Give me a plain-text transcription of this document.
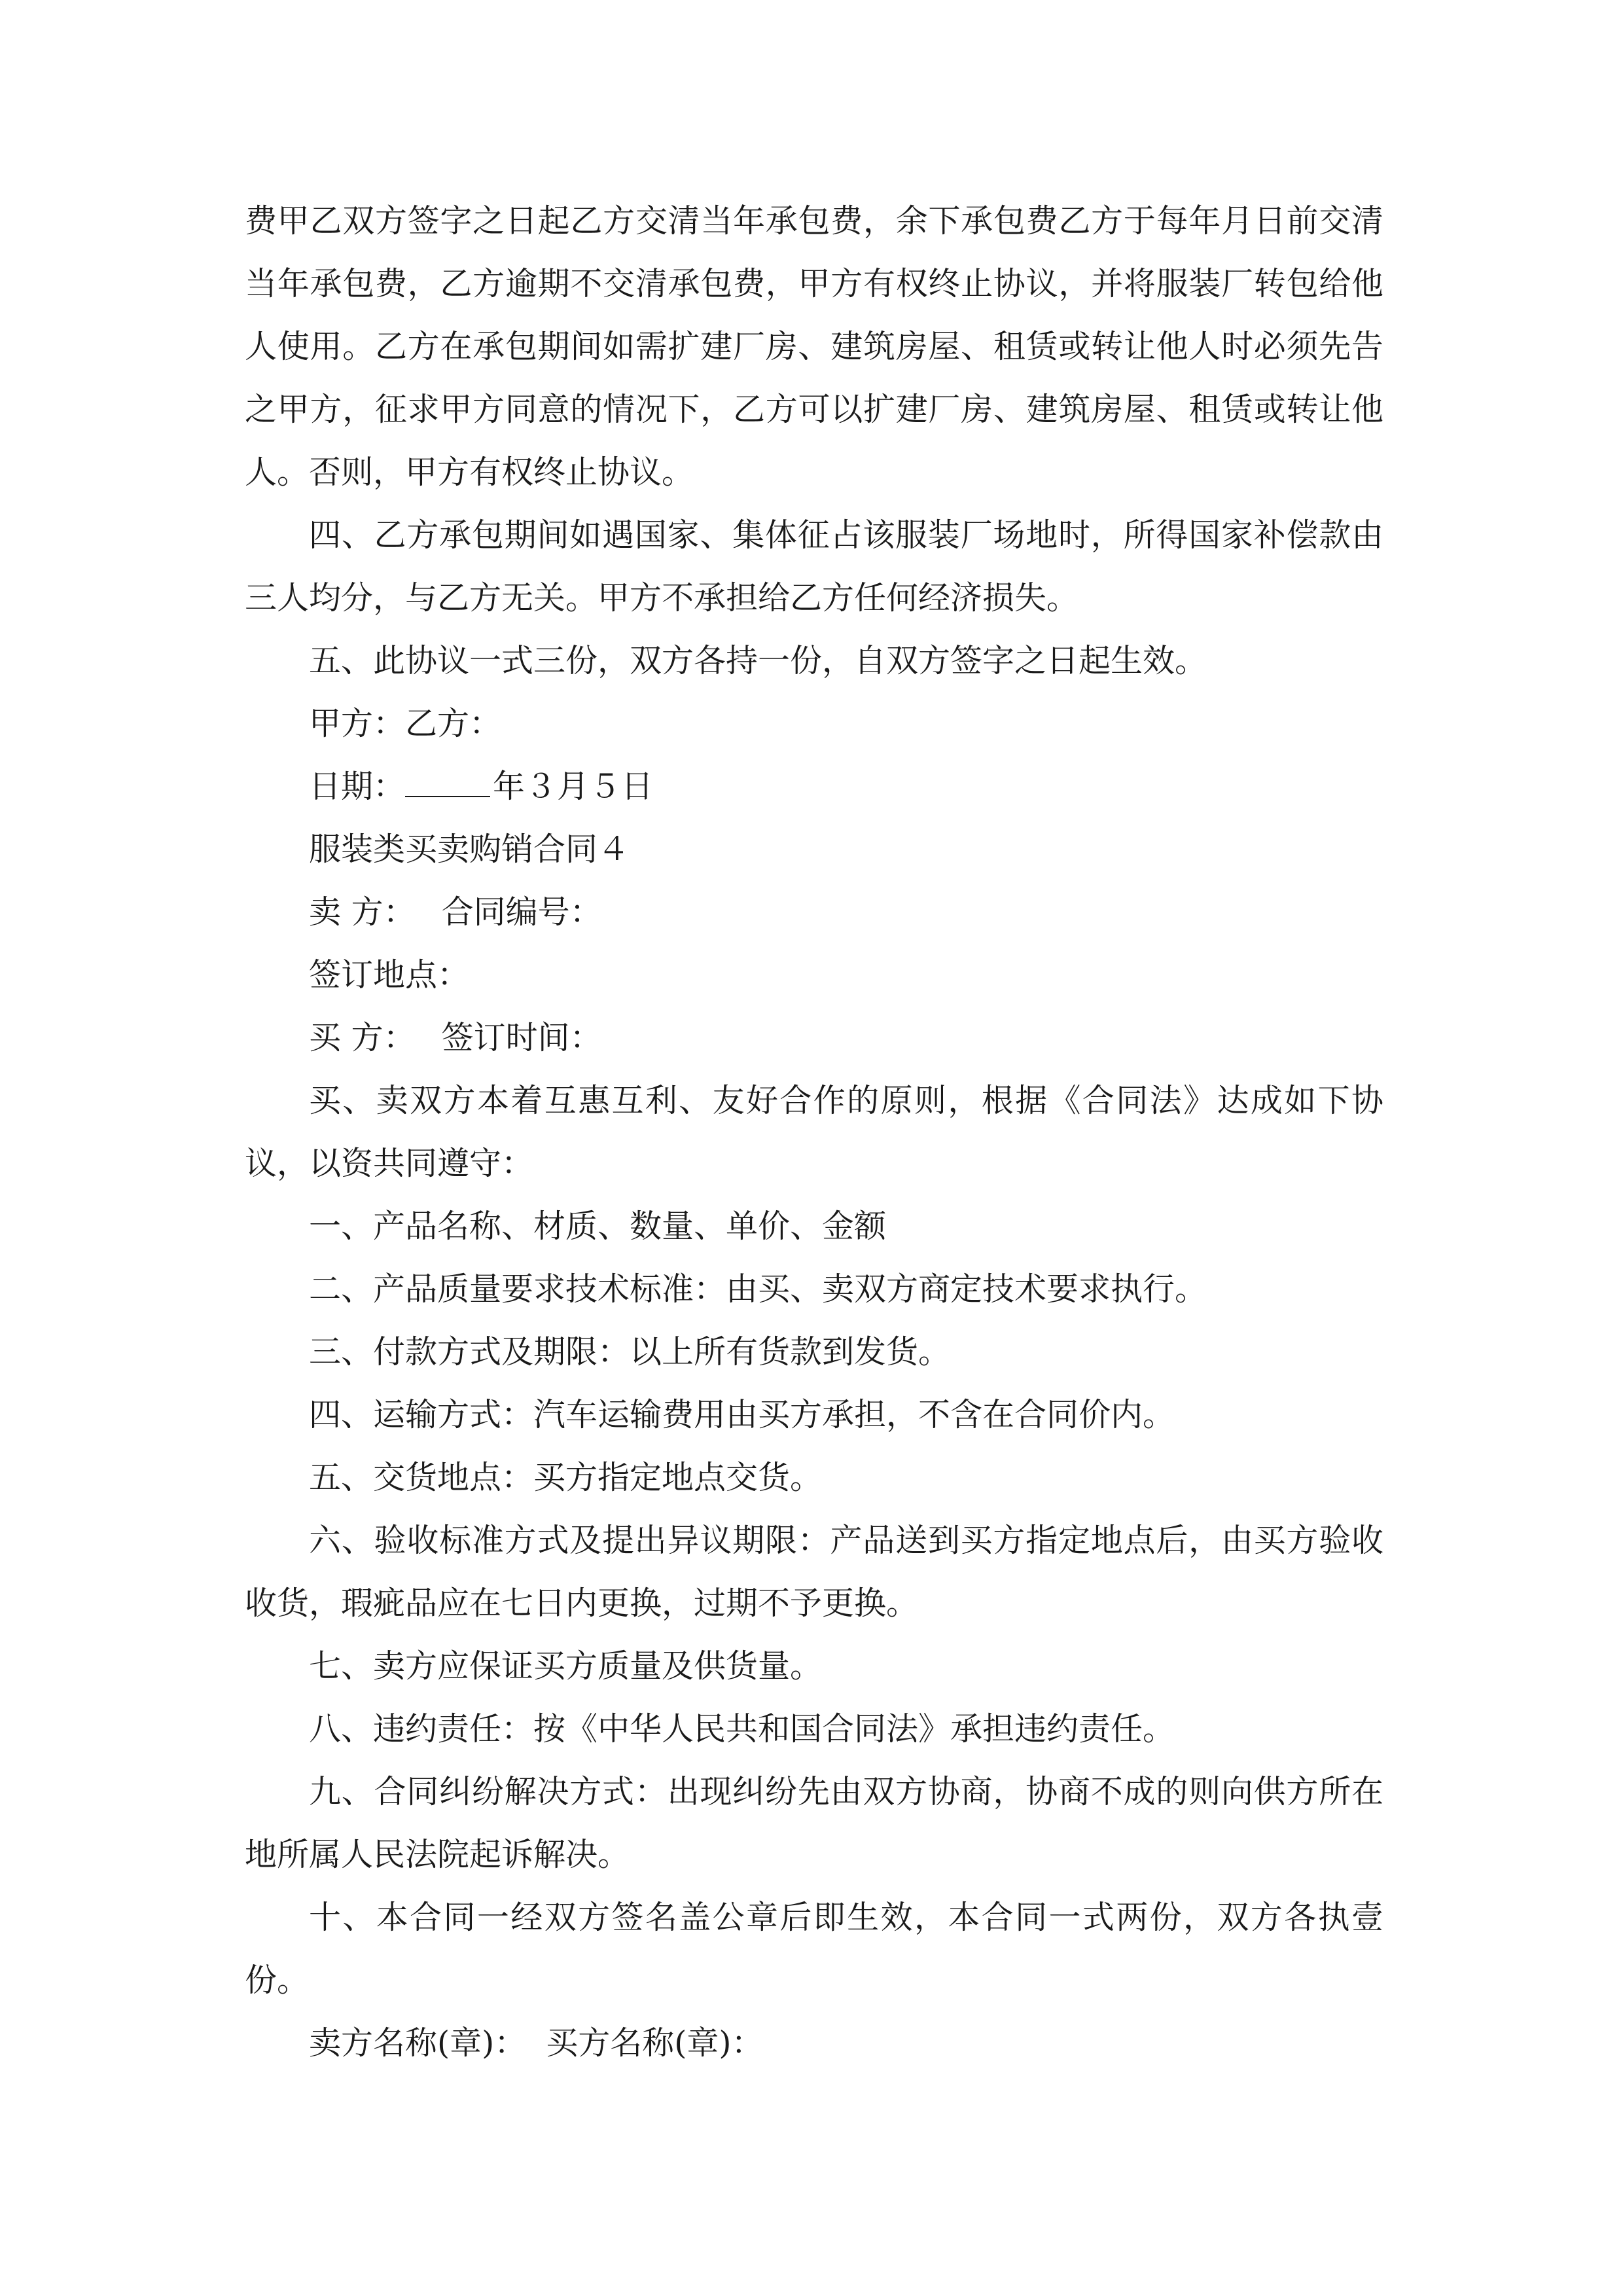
费甲乙双方签字之日起乙方交清当年承包费，余下承包费乙方于每年月日前交清当年承包费，乙方逾期不交清承包费，甲方有权终止协议，并将服装厂转包给他人使用。乙方在承包期间如需扩建厂房、建筑房屋、租赁或转让他人时必须先告之甲方，征求甲方同意的情况下，乙方可以扩建厂房、建筑房屋、租赁或转让他人。否则，甲方有权终止协议。

四、乙方承包期间如遇国家、集体征占该服装厂场地时，所得国家补偿款由三人均分，与乙方无关。甲方不承担给乙方任何经济损失。

五、此协议一式三份，双方各持一份，自双方签字之日起生效。

甲方：乙方：

日期：	年３月５日

服装类买卖购销合同４

卖 方： 合同编号：

签订地点：

买 方： 签订时间：

买、卖双方本着互惠互利、友好合作的原则，根据《合同法》达成如下协议，以资共同遵守：

一、产品名称、材质、数量、单价、金额

二、产品质量要求技术标准：由买、卖双方商定技术要求执行。

三、付款方式及期限：以上所有货款到发货。

四、运输方式：汽车运输费用由买方承担，不含在合同价内。

五、交货地点：买方指定地点交货。

六、验收标准方式及提出异议期限：产品送到买方指定地点后，由买方验收收货，瑕疵品应在七日内更换，过期不予更换。

七、卖方应保证买方质量及供货量。

八、违约责任：按《中华人民共和国合同法》承担违约责任。

九、合同纠纷解决方式：出现纠纷先由双方协商，协商不成的则向供方所在地所属人民法院起诉解决。

十、本合同一经双方签名盖公章后即生效，本合同一式两份，双方各执壹份。

卖方名称(章)： 买方名称(章)：
